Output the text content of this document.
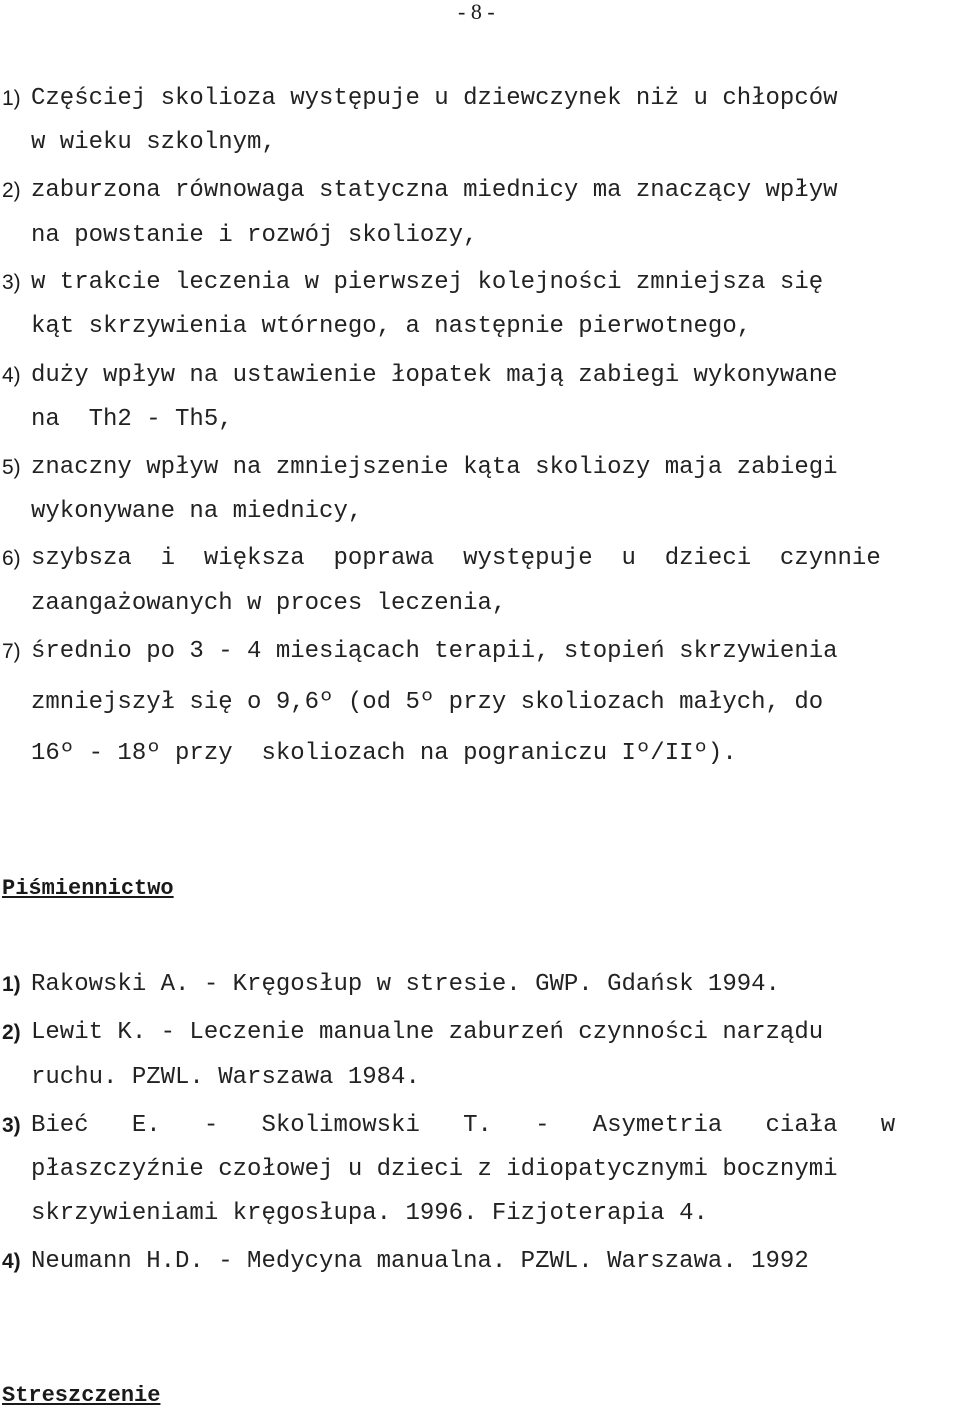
- 8 -
1) Częściej skolioza występuje u dziewczynek niż u chłopców
w wieku szkolnym,
2) zaburzona równowaga statyczna miednicy ma znaczący wpływ
na powstanie i rozwój skoliozy,
3) w trakcie leczenia w pierwszej kolejności zmniejsza się
kąt skrzywienia wtórnego, a następnie pierwotnego,
4) duży wpływ na ustawienie łopatek mają zabiegi wykonywane
na  Th2 - Th5,
5) znaczny wpływ na zmniejszenie kąta skoliozy maja zabiegi
wykonywane na miednicy,
6) szybsza  i  większa  poprawa  występuje  u  dzieci  czynnie
zaangażowanych w proces leczenia,
7) średnio po 3 - 4 miesiącach terapii, stopień skrzywienia
zmniejszył się o 9,6º (od 5º przy skoliozach małych, do
16º - 18º przy  skoliozach na pograniczu Iº/IIº).
Piśmiennictwo
1) Rakowski A. - Kręgosłup w stresie. GWP. Gdańsk 1994.
2) Lewit K. - Leczenie manualne zaburzeń czynności narządu
ruchu. PZWL. Warszawa 1984.
3) Bieć   E.   -   Skolimowski   T.   -   Asymetria   ciała   w
płaszczyźnie czołowej u dzieci z idiopatycznymi bocznymi
skrzywieniami kręgosłupa. 1996. Fizjoterapia 4.
4) Neumann H.D. - Medycyna manualna. PZWL. Warszawa. 1992
Streszczenie
